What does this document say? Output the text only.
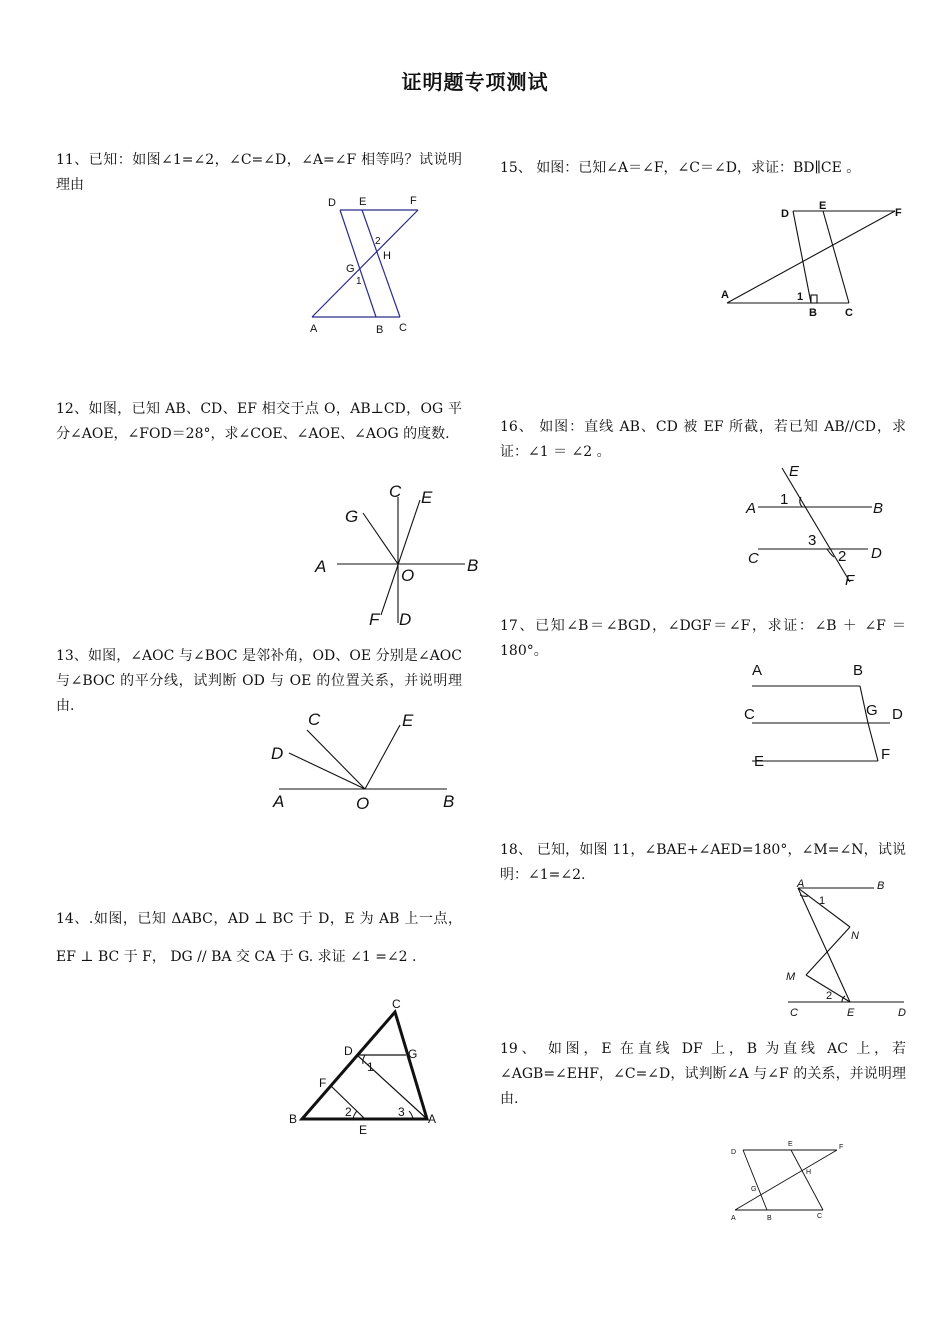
证明题专项测试
11、已知：如图∠1=∠2，∠C=∠D，∠A=∠F 相等吗？试说明理由
12、如图，已知 AB、CD、EF 相交于点 O，AB⊥CD，OG 平分∠AOE，∠FOD＝28°，求∠COE、∠AOE、∠AOG 的度数.
13、如图，∠AOC 与∠BOC 是邻补角，OD、OE 分别是∠AOC 与∠BOC 的平分线，试判断 OD 与 OE 的位置关系，并说明理由.
14、.如图，已知 ΔABC，AD ⊥ BC 于 D，E 为 AB 上一点， EF ⊥ BC 于 F， DG // BA 交 CA 于 G. 求证 ∠1 =∠2 .
15、 如图：已知∠A＝∠F，∠C＝∠D，求证：BD∥CE 。
16、 如图：直线 AB、CD 被 EF 所截，若已知 AB//CD，求证：∠1 ＝ ∠2 。
17、已知∠B＝∠BGD，∠DGF＝∠F，求证：∠B ＋ ∠F ＝ 180°。
18、 已知，如图 11，∠BAE+∠AED=180°，∠M=∠N，试说明：∠1=∠2.
19、 如图，E 在直线 DF 上，B 为直线 AC 上，若∠AGB=∠EHF，∠C=∠D，试判断∠A 与∠F 的关系，并说明理由.
D E	F
2
H
G
1
A	B C
C E
G
A	O
B
F D
C	E
D
A	O	B
C
D	G
1
F
2	3
B
E
A
D
E
F
A	1
B	C
E
1
A	B
3
2
C	D
F
A	B
C	G D
E	F
A	B
1
N
M
2
C	E	D
D
E	F
H
G
A	B	C
